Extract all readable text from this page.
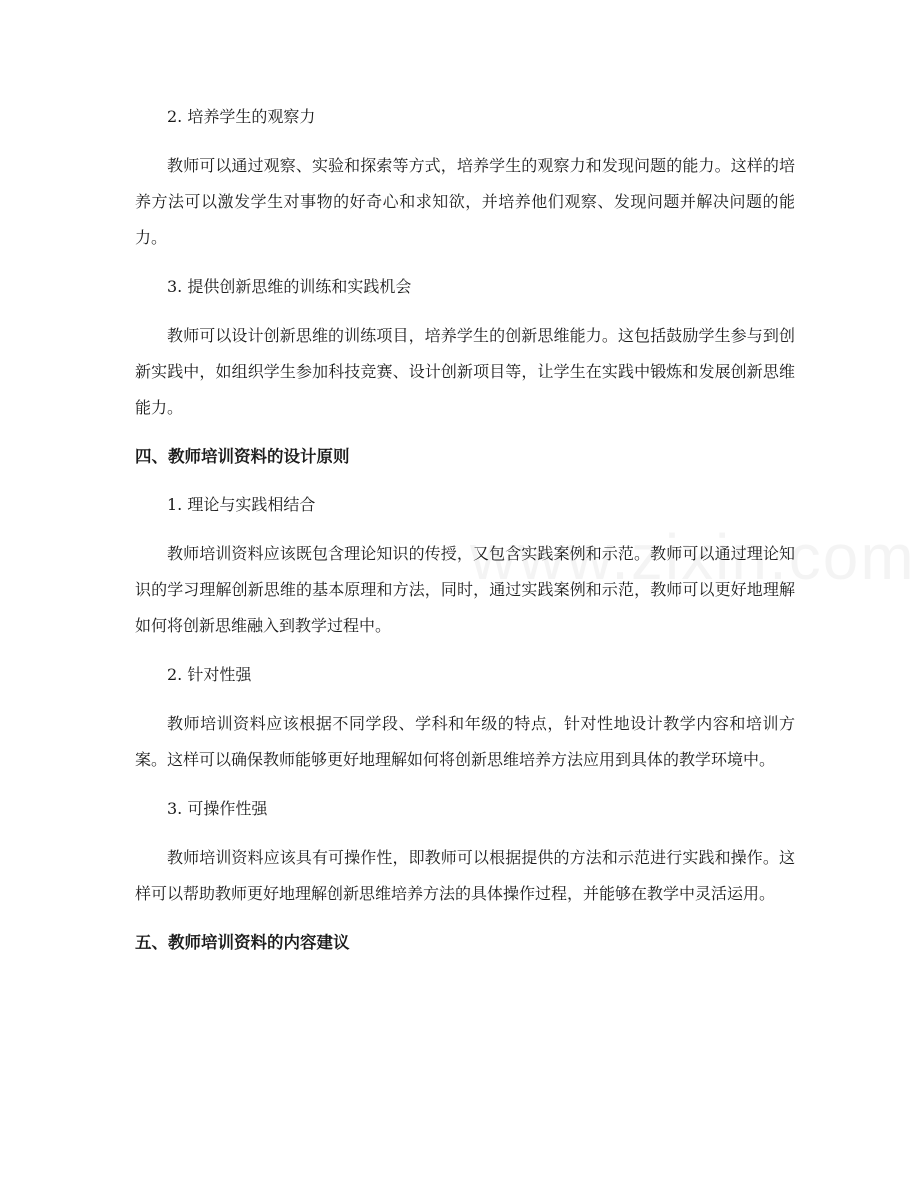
2. 培养学生的观察力

教师可以通过观察、实验和探索等方式，培养学生的观察力和发现问题的能力。这样的培养方法可以激发学生对事物的好奇心和求知欲，并培养他们观察、发现问题并解决问题的能力。

3. 提供创新思维的训练和实践机会

教师可以设计创新思维的训练项目，培养学生的创新思维能力。这包括鼓励学生参与到创新实践中，如组织学生参加科技竞赛、设计创新项目等，让学生在实践中锻炼和发展创新思维能力。

四、教师培训资料的设计原则

1. 理论与实践相结合

教师培训资料应该既包含理论知识的传授，又包含实践案例和示范。教师可以通过理论知识的学习理解创新思维的基本原理和方法，同时，通过实践案例和示范，教师可以更好地理解如何将创新思维融入到教学过程中。

2. 针对性强

教师培训资料应该根据不同学段、学科和年级的特点，针对性地设计教学内容和培训方案。这样可以确保教师能够更好地理解如何将创新思维培养方法应用到具体的教学环境中。

3. 可操作性强

教师培训资料应该具有可操作性，即教师可以根据提供的方法和示范进行实践和操作。这样可以帮助教师更好地理解创新思维培养方法的具体操作过程，并能够在教学中灵活运用。

五、教师培训资料的内容建议
